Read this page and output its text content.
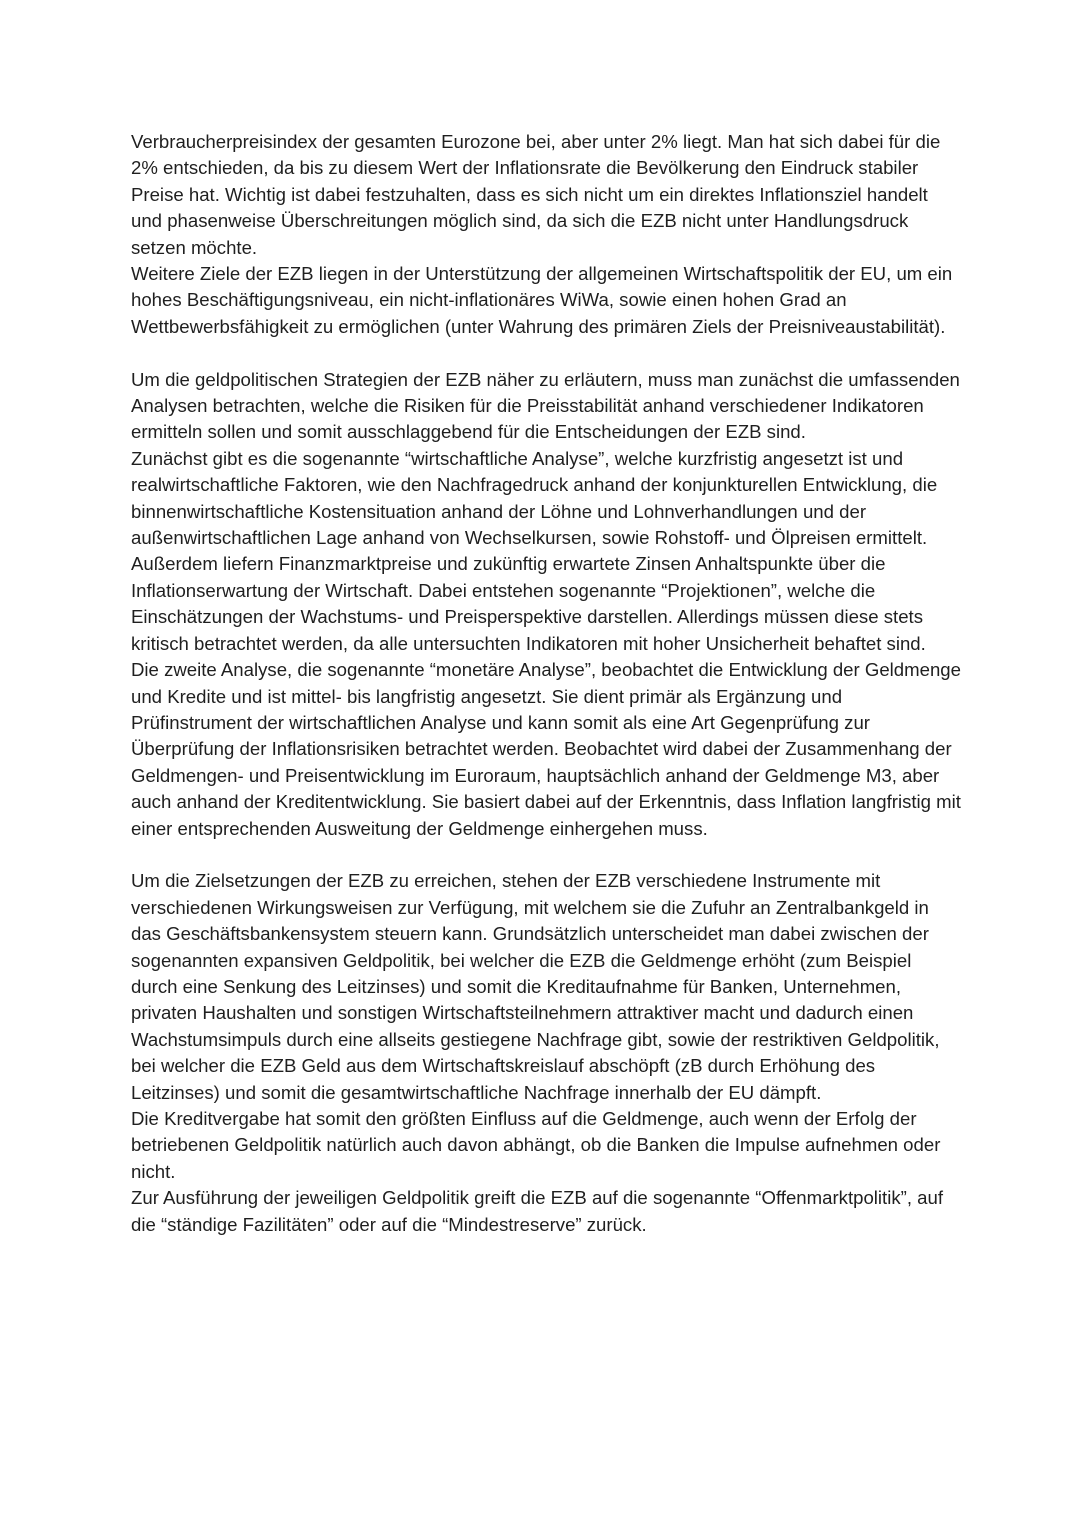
Verbraucherpreisindex der gesamten Eurozone bei, aber unter 2% liegt. Man hat sich dabei für die 2% entschieden, da bis zu diesem Wert der Inflationsrate die Bevölkerung den Eindruck stabiler Preise hat. Wichtig ist dabei festzuhalten, dass es sich nicht um ein direktes Inflationsziel handelt und phasenweise Überschreitungen möglich sind, da sich die EZB nicht unter Handlungsdruck setzen möchte.

Weitere Ziele der EZB liegen in der Unterstützung der allgemeinen Wirtschaftspolitik der EU, um ein hohes Beschäftigungsniveau, ein nicht-inflationäres WiWa, sowie einen hohen Grad an Wettbewerbsfähigkeit zu ermöglichen (unter Wahrung des primären Ziels der Preisniveaustabilität).

Um die geldpolitischen Strategien der EZB näher zu erläutern, muss man zunächst die umfassenden Analysen betrachten, welche die Risiken für die Preisstabilität anhand verschiedener Indikatoren ermitteln sollen und somit ausschlaggebend für die Entscheidungen der EZB sind.

Zunächst gibt es die sogenannte “wirtschaftliche Analyse”, welche kurzfristig angesetzt ist und realwirtschaftliche Faktoren, wie den Nachfragedruck anhand der konjunkturellen Entwicklung, die binnenwirtschaftliche Kostensituation anhand der Löhne und Lohnverhandlungen und der außenwirtschaftlichen Lage anhand von Wechselkursen, sowie Rohstoff- und Ölpreisen ermittelt. Außerdem liefern Finanzmarktpreise und zukünftig erwartete Zinsen Anhaltspunkte über die Inflationserwartung der Wirtschaft. Dabei entstehen sogenannte “Projektionen”, welche die Einschätzungen der Wachstums- und Preisperspektive darstellen. Allerdings müssen diese stets kritisch betrachtet werden, da alle untersuchten Indikatoren mit hoher Unsicherheit behaftet sind.

Die zweite Analyse, die sogenannte “monetäre Analyse”, beobachtet die Entwicklung der Geldmenge und Kredite und ist mittel- bis langfristig angesetzt. Sie dient primär als Ergänzung und Prüfinstrument der wirtschaftlichen Analyse und kann somit als eine Art Gegenprüfung zur Überprüfung der Inflationsrisiken betrachtet werden. Beobachtet wird dabei der Zusammenhang der Geldmengen- und Preisentwicklung im Euroraum, hauptsächlich anhand der Geldmenge M3, aber auch anhand der Kreditentwicklung. Sie basiert dabei auf der Erkenntnis, dass Inflation langfristig mit einer entsprechenden Ausweitung der Geldmenge einhergehen muss.

Um die Zielsetzungen der EZB zu erreichen, stehen der EZB verschiedene Instrumente mit verschiedenen Wirkungsweisen zur Verfügung, mit welchem sie die Zufuhr an Zentralbankgeld in das Geschäftsbankensystem steuern kann. Grundsätzlich unterscheidet man dabei zwischen der sogenannten expansiven Geldpolitik, bei welcher die EZB die Geldmenge erhöht (zum Beispiel durch eine Senkung des Leitzinses) und somit die Kreditaufnahme für Banken, Unternehmen, privaten Haushalten und sonstigen Wirtschaftsteilnehmern attraktiver macht und dadurch einen Wachstumsimpuls durch eine allseits gestiegene Nachfrage gibt, sowie der restriktiven Geldpolitik, bei welcher die EZB Geld aus dem Wirtschaftskreislauf abschöpft (zB durch Erhöhung des Leitzinses) und somit die gesamtwirtschaftliche Nachfrage innerhalb der EU dämpft.

Die Kreditvergabe hat somit den größten Einfluss auf die Geldmenge, auch wenn der Erfolg der betriebenen Geldpolitik natürlich auch davon abhängt, ob die Banken die Impulse aufnehmen oder nicht.

Zur Ausführung der jeweiligen Geldpolitik greift die EZB auf die sogenannte “Offenmarktpolitik”, auf die “ständige Fazilitäten” oder auf die “Mindestreserve” zurück.
